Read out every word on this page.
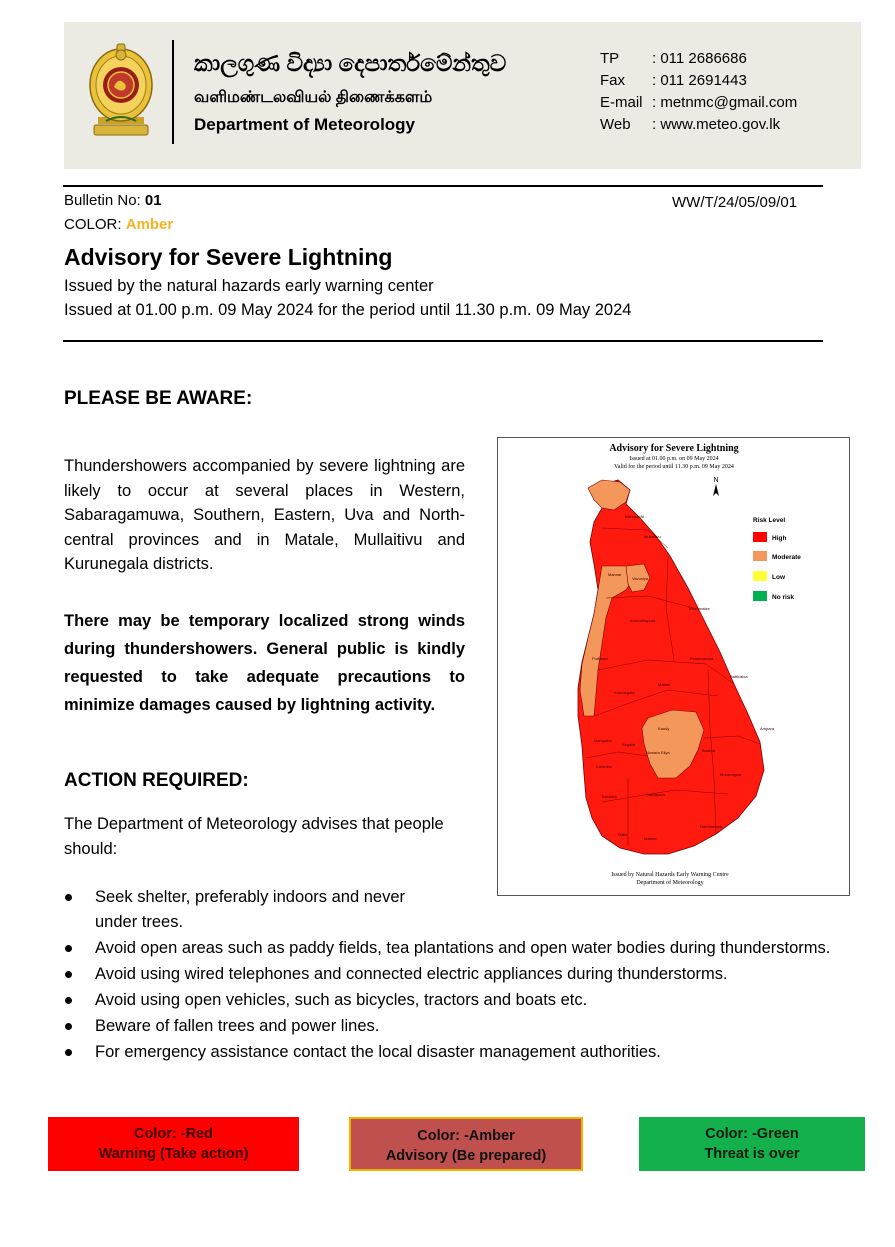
කාලගුණ විද්‍යා දෙපාර්තමේන්තුව
வளிமண்டலவியல் திணைக்களம்
Department of Meteorology
TP : 011 2686686
Fax : 011 2691443
E-mail : metnmc@gmail.com
Web : www.meteo.gov.lk
Bulletin No: 01
COLOR: Amber
WW/T/24/05/09/01
Advisory for Severe Lightning
Issued by the natural hazards early warning center
Issued at 01.00 p.m. 09 May 2024 for the period until 11.30 p.m. 09 May 2024
PLEASE BE AWARE:
Thundershowers accompanied by severe lightning are likely to occur at several places in Western, Sabaragamuwa, Southern, Eastern, Uva and North-central provinces and in Matale, Mullaitivu and Kurunegala districts.
There may be temporary localized strong winds during thundershowers. General public is kindly requested to take adequate precautions to minimize damages caused by lightning activity.
Advisory for Severe Lightning
Issued at 01.00 p.m. on 09 May 2024
Valid for the period until 11.30 p.m. 09 May 2024
N
Kilinochchi
Mullaitivu
Mannar
Vavuniya
Trincomalee
Anuradhapura
Polonnaruwa
Puttalam
Kurunegala
Matale
Batticaloa
Kandy
Nuwara Eliya
Ampara
Badulla
Gampaha
Kegalle
Colombo
Ratnapura
Moneragala
Kalutara
Galle
Matara
Hambantota
Risk Level
High
Moderate
Low
No risk
Issued by Natural Hazards Early Warning Centre
Department of Meteorology
ACTION REQUIRED:
The Department of Meteorology advises that people should:
Seek shelter, preferably indoors and never under trees.
Avoid open areas such as paddy fields, tea plantations and open water bodies during thunderstorms.
Avoid using wired telephones and connected electric appliances during thunderstorms.
Avoid using open vehicles, such as bicycles, tractors and boats etc.
Beware of fallen trees and power lines.
For emergency assistance contact the local disaster management authorities.
Color: -Red
Warning (Take action)
Color: -Amber
Advisory (Be prepared)
Color: -Green
Threat is over
